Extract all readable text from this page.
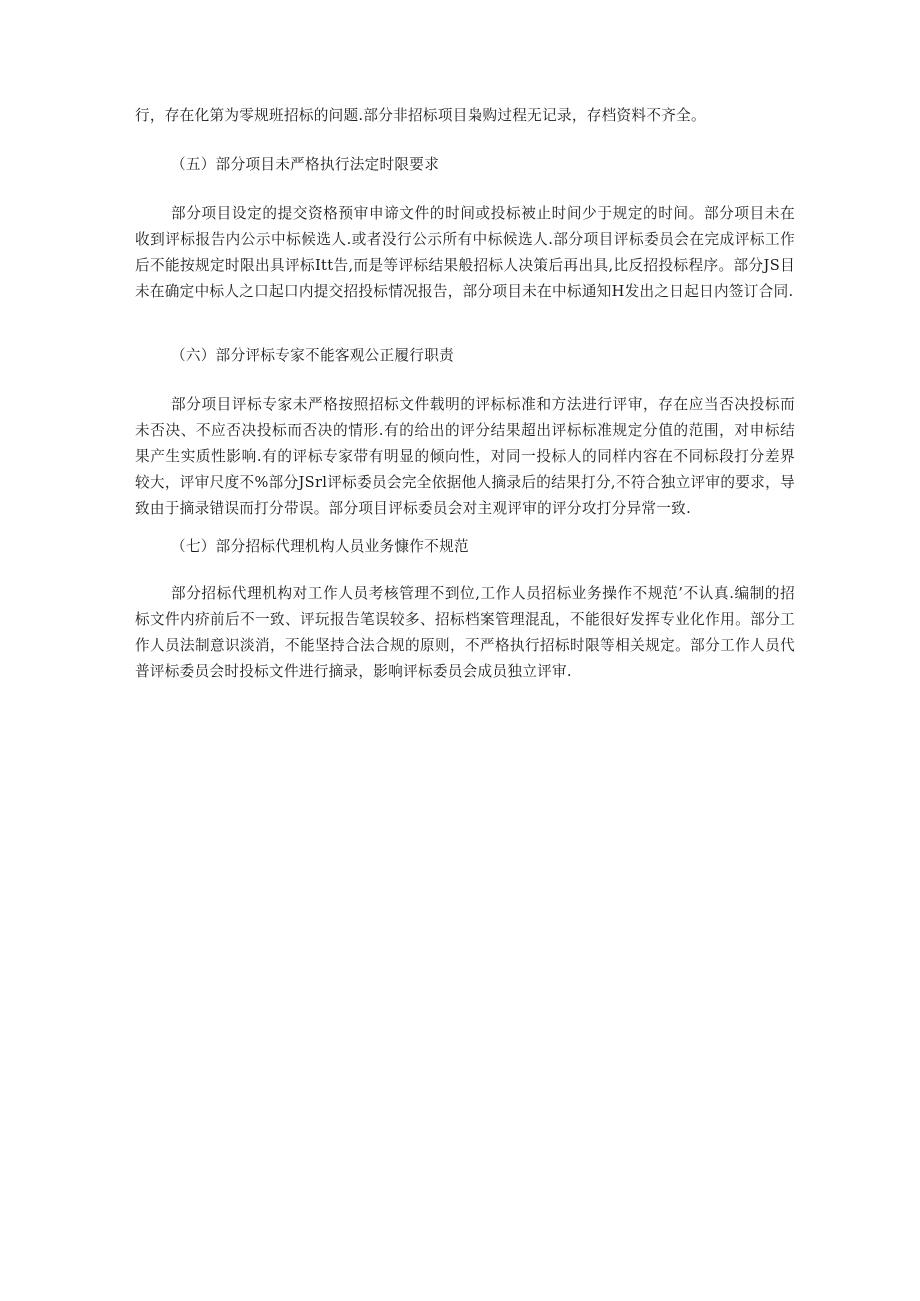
行，存在化第为零规班招标的问题.部分非招标项目枭购过程无记录，存档资料不齐全。

（五）部分项目未严格执行法定时限要求

部分项目设定的提交资格预审申谛文件的时间或投标被止时间少于规定的时间。部分项目未在收到评标报告内公示中标候选人.或者没行公示所有中标候选人.部分项目评标委员会在完成评标工作后不能按规定时限出具评标Itt告,而是等评标结果般招标人决策后再出具,比反招投标程序。部分JS目未在确定中标人之口起口内提交招投标情况报告，部分项目未在中标通知H发出之日起日内签订合同.

（六）部分评标专家不能客观公正履行职责

部分项目评标专家未严格按照招标文件载明的评标标准和方法进行评审，存在应当否决投标而未否决、不应否决投标而否决的情形.有的给出的评分结果超出评标标准规定分值的范围，对申标结果产生实质性影响.有的评标专家带有明显的倾向性，对同一投标人的同样内容在不同标段打分差界较大，评审尺度不%部分JSrl评标委员会完全依据他人摘录后的结果打分,不符合独立评审的要求，导致由于摘录错误而打分带误。部分项目评标委员会对主观评审的评分攻打分异常一致.

（七）部分招标代理机构人员业务慷作不规范

部分招标代理机构对工作人员考核管理不到位,工作人员招标业务操作不规范’不认真.编制的招标文件内疥前后不一致、评玩报告笔误较多、招标档案管理混乱，不能很好发挥专业化作用。部分工作人员法制意识淡消，不能坚持合法合规的原则，不严格执行招标时限等相关规定。部分工作人员代普评标委员会时投标文件进行摘录，影响评标委员会成员独立评审.
